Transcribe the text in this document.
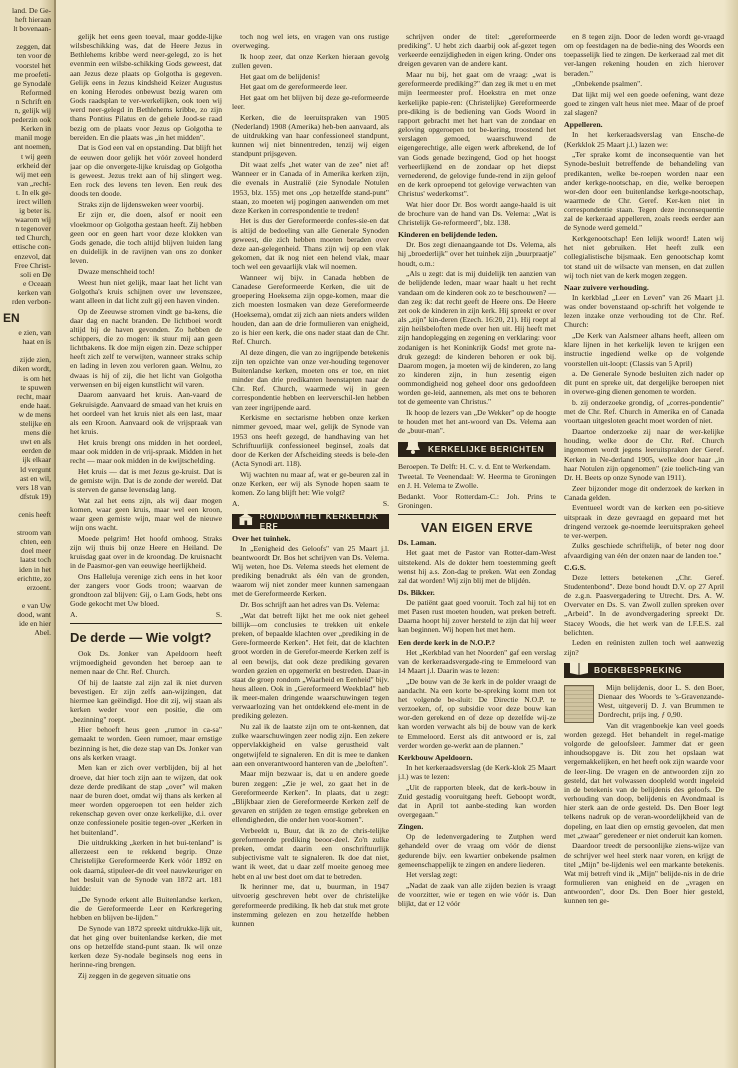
land. De Ge-
heft hieraan
lt bovenaan-

zeggen, dat
ten voor de
voorstel het
me proefeti-
ge Synodale
Reformed
n Schrift en
n, gelijk wij
pederzin ook
Kerken in
manil moge
ant noemen,
t wij geen
erkheid der
wij met een
van „recht-
t. In elk ge-
irect willen
ig beter is.
waarom wij
n tegenover
ted Church,
ettische con-
enzevol, dat
Free Christ-
soli en De
e Oceaan
kerken van
rden verbon-
EN
e zien, van
haat en is

zijde zien,
diken wordt,
is om het
te spuwen
recht, maar
ende haat.
w de mens
stelijke en
mens die
uwt en als
eerden de
ijk elkaar
ld vergunt
ast en wil,
vers 18 van
dfstuk 19)

cenis heeft

stroom van
chten, een
doel meer
laatst toch
iden in het
erichtte, zo
erzoent.

e van Uw
dood, want
ide en hier
Abel.

gelijk het eens geen toeval, maar godde-lijke wilsbeschikking was, dat de Heere Jezus in Bethlehems kribbe werd neer-gelegd, zo is het evenmin een wilsbe-schikking Gods geweest, dat aan Jezus deze plaats op Golgotha is gegeven. Gelijk eens in Jezus kindsheid Keizer Augustus en koning Herodes onbewust bezig waren om Gods raadsplan te ver-werkelijken, ook toen wij werd neer-gelegd in Bethlehems kribbe, zo zijn thans Pontius Pilatus en de gehele Jood-se raad bezig om de plaats voor Jezus op Golgotha te bereiden. En die plaats was „in het midden".

Dat is God een val en opstanding. Dat blijft het de eeuwen door gelijk het vóór zoveel honderd jaar op die onvergete-lijke kruisdag op Golgotha is geweest. Jezus trekt aan of hij slingert weg. Een rock des levens ten leven. Een reuk des doods ten doode.

Straks zijn de lijdensweken weer voorbij.

Er zijn er, die doen, alsof er nooit een vloekmoor op Golgotha gestaan heeft. Zij hebben geen oor en geen hart voor deze klokken van Gods genade, die toch altijd blijven luiden lang en duidelijk in de ravijnen van ons zo donker leven.

Dwaze menschheid toch!

Weest hun niet gelijk, maar laat het licht van Golgotha's kruis schijnen over uw levenszee, want alleen in dat licht zult gij een haven vinden.

Op de Zeeuwse stromen vindt ge ba-kens, die daar dag en nacht branden. De lichtboei wordt altijd bij de haven gevonden. Zo hebben de schippers, die zo mogen: ik stuur mij aan geen lichtbakens. Ik doe mijn eigen zin. Deze schipper heeft zich zelf te verwijten, wanneer straks schip en lading in leven zou verloren gaan. Welnu, zo dwaas is hij of zij, die het licht van Golgotha verwensen en bij eigen kunstlicht wil varen.

Daarom aanvaard het kruis. Aan-vaard de Gekruisigde. Aanvaard de smaad van het kruis en het oordeel van het kruis niet als een last, maar als een Kroon. Aanvaard ook de vrijspraak van het kruis.

Het kruis brengt ons midden in het oordeel, maar ook midden in de vrij-spraak. Midden in het recht — maar ook midden in de kwijtschelding.

Het kruis — dat is met Jezus ge-kruist. Dat is de gemiste wijn. Dat is de zonde der wereld. Dat is sterven de ganse levensdag lang.

Wat zal het eens zijn, als wij daar mogen komen, waar geen kruis, maar wel een kroon, waar geen gemiste wijn, maar wel de nieuwe wijn ons wacht.

Moede pelgrim! Het hoofd omhoog. Straks zijn wij thuis bij onze Heere en Heiland. De kruisdag gaat over in de kroondag. De kruisnacht in de Paasmor-gen van eeuwige heerlijkheid.

Ons Halleluja verenige zich eens in het koor der zangers voor Gods troon; waarvan de grondtoon zal blijven: Gij, o Lam Gods, hebt ons Gode gekocht met Uw bloed.

A.	S.
De derde — Wie volgt?

Ook Ds. Jonker van Apeldoorn heeft vrijmoedigheid gevonden het beroep aan te nemen naar de Chr. Ref. Church.

Of hij de laatste zal zijn zal ik niet durven bevestigen. Er zijn zelfs aan-wijzingen, dat hiermee kan geëindigd. Hoe dit zij, wij staan als kerken weder voor een positie, die om „bezinning" roept.

Hier behoeft heus geen „rumor in ca-sa" gemaakt te worden. Geen rumoer, maar ernstige bezinning is het, die deze stap van Ds. Jonker van ons als kerken vraagt.

Men kan er zich over verblijden, bij al het droeve, dat hier toch zijn aan te wijzen, dat ook deze derde predikant de stap „over" wil maken naar de buren doet, omdat wij thans als kerken al meer worden opgeroepen tot een helder zich rekenschap geven over onze kerkelijke, d.i. over onze confessionele positie tegen-over „Kerken in het buitenland".

Die uitdrukking „kerken in het bui-tenland" is allerzeest een te rekkend begrip. Onze Christelijke Gereformeerde Kerk vóór 1892 en ook daarná, stipuleer-de dit veel nauwkeuriger en het besluit van de Synode van 1872 art. 181 luidde:

„De Synode erkent alle Buitenlandse kerken, die de Gereformeerde Leer en Kerkregering hebben en blijven be-lijden."

De Synode van 1872 spreekt uitdrukke-lijk uit, dat het ging over buitenlandse kerken, die met ons op hetzelfde stand-punt staan. Ik wil onze kerken deze Sy-nodale beginsels nog eens in herinne-ring brengen.

Zij zeggen in de gegeven situatie ons

toch nog wel iets, en vragen van ons rustige overweging.

Ik hoop zeer, dat onze Kerken hieraan gevolg zullen geven.

Het gaat om de belijdenis!

Het gaat om de gereformeerde leer.

Het gaat om het blijven bij deze ge-reformeerde leer.

Kerken, die de leeruitspraken van 1905 (Nederland) 1908 (Amerika) heb-ben aanvaard, als de uitdrukking van haar confessioneel standpunt, kunnen wij niet binnentreden, tenzij wij eigen standpunt prijsgeven.

Dit waat zelfs „het water van de zee" niet af! Wanneer er in Canada of in Amerika kerken zijn, die evenals in Australië (zie Synodale Notulen 1953, blz. 155) met ons „op hetzelfde stand-punt" staan, zo moeten wij pogingen aanwenden om met deze Kerken in correspondentie te treden!

Het is dus der Gereformeerde confes-sie-en dat is altijd de bedoeling van alle Generale Synoden geweest, die zich hebben moeten beraden over deze aan-gelegenheid. Thans zijn wij op een vlak gekomen, dat ik nog niet een helend vlak, maar toch wel een gevaarlijk vlak wil noemen.

Wanneer wij bijv. in Canada hebben de Canadese Gereformeerde Kerken, die uit de groepering Hoeksema zijn opge-komen, maar die zich moesten losmaken van deze Gereformeerde (Hoeksema), omdat zij zich aan niets anders wilden houden, dan aan de drie formulieren van enigheid, zo is hier een kerk, die ons nader staat dan de Chr. Ref. Church.

Al deze dingen, die van zo ingrijpende betekenis zijn ten opzichte van onze ver-houding tegenover Buitenlandse kerken, moeten ons er toe, en niet minder dan drie predikanten heenstapten naar de Chr. Ref. Church, waarmede wij in geen correspondentie hebben en leerverschil-len hebben van zeer ingrijpende aard.

Kerkisme en sectarisme hebben onze kerken nimmer gevoed, maar wel, gelijk de Synode van 1953 ons heeft gezegd, de handhaving van het Schriftuurlijk confessioneel beginsel, zoals dat door de Kerken der Afscheiding steeds is bele-den (Acta Synodi art. 118).

Wij wachten nu maar af, wat er ge-beuren zal in onze Kerken, eer wij als Synode hopen saam te komen. Zo lang blijft het: Wie volgt?

A.	S.
RONDOM HET KERKELIJK ERF
Over het tuinhek.

In „Eenigheid des Geloofs" van 25 Maart j.l. beantwoordt Dr. Bos het schrijven van Ds. Velema. Wij weten, hoe Ds. Velema steeds het element de prediking benadrukt als één van de gronden, waarom wij niet zonder meer kunnen samengaan met de Gereformeerde Kerken.

Dr. Bos schrijft aan het adres van Ds. Velema:

„Wat dat betreft lijkt het me ook niet geheel billijk—om conclusies te trekken uit enkele preken, of bepaalde klachten over „prediking in de Gere-formeerde Kerken". Het feit, dat de klachten groot worden in de Gerefor-meerde Kerken zelf is al een bewijs, dat ook deze prediking gevaren worden gezien en opgemerkt en bestreden. Daar-in staat de groep rondom „Waarheid en Eenheid" bijv. heus alleen. Ook in „Gereformeerd Weekblad" heb ik meer-malen dringende waarschuwingen tegen verwaarlozing van het ontdekkend ele-ment in de prediking gelezen.

Nu zal ik de laatste zijn om te ont-kennen, dat zulke waarschuwingen zeer nodig zijn. Een zekere oppervlakkigheid en valse gerustheid valt ongetwijfeld te signaleren. En dit is mee te danken aan een onverantwoord hanteren van de „beloften".

Maar mijn bezwaar is, dat u en andere goede buren zeggen: „Zie je wel, zo gaat het in de Gereformeerde Kerken". In plaats, dat u zegt: „Blijkbaar zien de Gereformeerde Kerken zelf de gevaren en strijden ze tegen ernstige gebreken en ellendigheden, die onder hen voor-komen".

Verbeeldt u, Buur, dat ik zo de chris-telijke gereformeerde prediking beoor-deel. Zo'n zulke preken, omdat daarin een onschriftuurlijk subjectivisme valt te signaleren. Ik doe dat niet, want ik weet, dat u daar zelf moeite genoeg mee hebt en al uw best doet om dat te betreden.

Ik herinner me, dat u, buurman, in 1947 uitvoerig geschreven hebt over de christelijke gereformeerde prediking. Ik heb dat stuk met grote instemming gelezen en zou hetzelfde hebben kunnen

schrijven onder de titel: „gereformeerde prediking". U hebt zich daarbij ook af-gezet tegen verkeerde eenzijdigheden in eigen kring. Onder ons dreigen gevaren van de andere kant.

Maar nu bij, het gaat om de vraag: „wat is gereformeerde prediking?" dan zeg ik met u en met mijn leermeester prof. Hoekstra en met onze kerkelijke papie-ren: (Christelijke) Gereformeerde pre-diking is de bediening van Gods Woord in rapport gebracht met het hart van de zondaar en geloving opgeroepen tot be-kering, troostend het verslagen gemoed, waarschuwend de eigengerechtige, alle eigen werk afbrekend, de lof van Gods genade bezingend, God op het hoogst verheerlijkend en de zondaar op het diepst vernederend, de gelovige funde-rend in zijn geloof en de kerk oproepend tot gelovige verwachten van Christus' wederkomst".

Wat hier door Dr. Bos wordt aange-haald is uit de brochure van de hand van Ds. Velema: „Wat is Christelijk Ge-reformeerd", blz. 138.

Kinderen en belijdende leden.

Dr. Bos zegt dienaangaande tot Ds. Velema, als hij „broederlijk" over het tuinhek zijn „buurpraatje" houdt, o.m.:

„Als u zegt: dat is mij duidelijk ten aanzien van de belijdende leden, maar waar haalt u het recht vandaan om de kinderen ook zo te beschouwen? — dan zeg ik: dat recht geeft de Heere ons. De Heere zet ook de kinderen in zijn kerk. Hij spreekt er over als „zijn" kin-deren (Ezech. 16:20, 21). Hij roept al zijn heilsbeloften mede over hen uit. Hij heeft met zijn handoplegging en zegening en verklaring: voor zodanigen is het Koninkrijk Gods! met grote na-druk gezegd: de kinderen behoren er ook bij. Daarom mogen, ja moeten wij de kinderen, zo lang zo kinderen zijn, in hun zesentig eigen oommondigheid nog geheel door ons gedoofdeen worden ge-leid, aannemen, als met ons te behoren tot de gemeente van Christus."

Ik hoop de lezers van „De Wekker" op de hoogte te houden met het ant-woord van Ds. Velema aan de „buur-man".

KERKELIJKE BERICHTEN

Beroepen. Te Delft: H. C. v. d. Ent te Werkendam.

Tweetal. Te Veenendaal: W. Heerma te Groningen en J. H. Velema te Zwolle.

Bedankt. Voor Rotterdam-C.: Joh. Prins te Groningen.

VAN EIGEN ERVE
Ds. Laman.

Het gaat met de Pastor van Rotter-dam-West uitstekend. Als de dokter hem toestemming geeft wenst hij a.s. Zon-dag te preken. Wat een Zondag zal dat worden! Wij zijn blij met de blijdén.

Ds. Bikker.

De patiënt gaat goed vooruit. Toch zal hij tot en met Pasen rust moeten houden, wat preken betreft. Daarna hoopt hij zover hersteld te zijn dat hij weer kan beginnen. Wij hopen het met hem.

Een derde kerk in de N.O.P.?

Het „Kerkblad van het Noorden" gaf een verslag van de kerkeraadsvergade-ring te Emmeloord van 14 Maart j.l. Daarin was te lezen:

„De bouw van de 3e kerk in de polder vraagt de aandacht. Na een korte be-spreking komt men tot het volgende be-sluit: De Directie N.O.P. te verzoeken, of, op subsidie voor deze bouw kan wor-den gerekend en of deze op dezelfde wij-ze kan worden verwacht als bij de bouw van de kerk te Emmeloord. Eerst als dit antwoord er is, zal verder worden ge-werkt aan de plannen."

Kerkbouw Apeldoorn.

In het kerkeraadsverslag (de Kerk-klok 25 Maart j.l.) was te lezen:

„Uit de rapporten bleek, dat de kerk-bouw in Zuid gestadig vooruitgang heeft. Geboopt wordt, dat in April tot aanbe-steding kan worden overgegaan."

Zingen.

Op de ledenvergadering te Zutphen werd gehandeld over de vraag om vóór de dienst gedurende bijv. een kwartier onbekende psalmen gemeenschappelijk te zingen en andere liederen.

Het verslag zegt:

„Nadat de zaak van alle zijden bezien is vraagt de voorzitter, wie er tegen en wie vóór is. Dan blijkt, dat er 12 vóór

en 8 tegen zijn. Door de leden wordt ge-vraagd om op feestdagen na de bedie-ning des Woords een toepasselijk lied te zingen. De kerkeraad zal met dit ver-langen rekening houden en zich hierover beraden."

„Onbekende psalmen".

Dat lijkt mij wel een goede oefening, want deze goed te zingen valt heus niet mee. Maar of de proef zal slagen?

Appelleren.

In het kerkeraadsverslag van Ensche-de (Kerkklok 25 Maart j.l.) lazen we:

„Ter sprake komt de inconsequentie van het Synode-besluit betreffende de behandeling van predikanten, welke be-roepen worden naar een ander kerkge-nootschap, en die, welke beroepen wor-den door een buitenlandse kerkge-nootschap, waarmede de Chr. Geref. Ker-ken niet in correspondentie staan. Tegen deze inconsequentie zal de kerkeraad appelleren, zoals reeds eerder aan de Synode werd gemeld."

Kerkgenootschap! Een lelijk woord! Laten wij het niet gebruiken. Het heeft zulk een collegialistische bijsmaak. Een genootschap komt tot stand uit de wilsacte van mensen, en dat zullen wij toch niet van de kerk mogen zeggen.

Naar zuivere verhouding.

In kerkblad „Leer en Leven" van 26 Maart j.l. was onder bovenstaand op-schrift het volgende te lezen inzake onze verhouding tot de Chr. Ref. Church:

„De Kerk van Aalsmeer alhans heeft, alleen om klare lijnen in het kerkelijk leven te krijgen een instructie ingediend welke op de volgende voorstellen uit-loopt: (Classis van 5 April)

a. De Generale Synode besluiten zich nader op dit punt en spreke uit, dat dergelijke beroepen niet in overwe-ging dienen genomen te worden.

b. zij onderzoeke grondig, of „corres-pondentie" met de Chr. Ref. Church in Amerika en of Canada voortaan uitgesloten geacht moet worden of niet.

Daartoe onderzoeke zij naar de wer-kelijke houding, welke door de Chr. Ref. Church ingenomen wordt jegens leeruitspraken der Geref. Kerken in Ne-derland 1905, welke door haar „in haar Notulen zijn opgenomen" (zie toelich-ting van Dr. H. Beets op onze Synode van 1911).

Zeer bijzonder moge dit onderzoek de kerken in Canada gelden.

Eventueel wordt van de kerken een po-sitieve uitspraak in deze gevraagd en gepaard met het dringend verzoek ge-noemde leeruitspraken geheel te ver-werpen.

Zulks geschiede schriftelijk, of beter nog door afvaardiging van één der onzen naar de landen toe."

C.G.S.

Deze letters betekenen „Chr. Geref. Studentenbond". Deze bond houdt D.V. op 27 April de z.g.n. Paasvergadering te Utrecht. Drs. A. W. Overvater en Ds. S. van Zwoll zullen spreken over „Arbeid". In de avondvergadering spreekt Dr. Stacey Woods, die het werk van de I.F.E.S. zal belichten.

Leden en reünisten zullen toch wel aanwezig zijn?

BOEKBESPREKING

Mijn belijdenis, door L. S. den Boer, Dienaar des Woords te 's-Gravenzande-West, uitgeverij D. J. van Brummen te Dordrecht, prijs ing. ƒ 0,90.

Van dit vragenboekje kan veel goeds worden gezegd. Het behandelt in regel-matige volgorde de geloofsleer. Jammer dat er geen inhoudsopgave is. Dit zou het opslaan wat vergemakkelijken, en het heeft ook zijn waarde voor de leer-ling. De vragen en de antwoorden zijn zo gesteld, dat het volwassen doopleld wordt ingeleid in de betekenis van de belijdenis des geloofs. De verhouding van doop, belijdenis en Avondmaal is hier sterk aan de orde gesteld. Ds. Den Boer legt telkens nadruk op de veran-woordelijkheid van de dopeling, en laat dien op ernstig gevoelen, dat men met „zwaar" geredeneer er niet onderuit kan komen.

Daardoor treedt de persoonlijke ziens-wijze van de schrijver wel heel sterk naar voren, en krijgt de titel „Mijn" be-lijdenis wel een markante betekenis. Wat mij betreft vind ik „Mijn" belijde-nis in de drie formulieren van enigheid en de „vragen en antwoorden", door Ds. Den Boer hier gesteld, kunnen ten ge-
